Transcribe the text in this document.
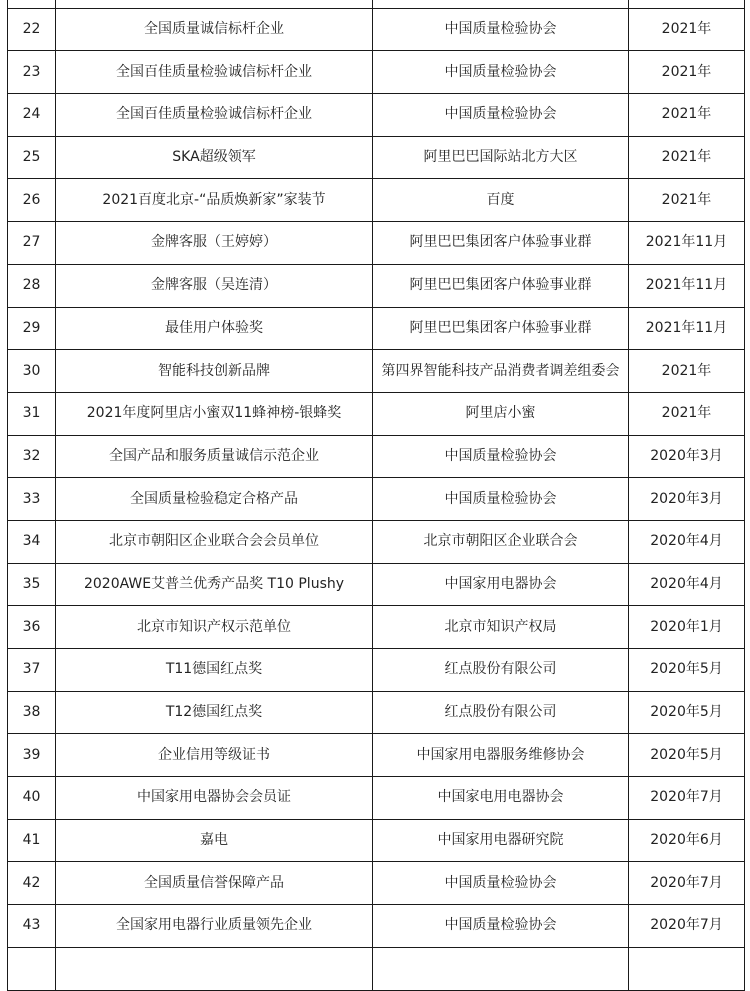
22	全国质量诚信标杆企业	中国质量检验协会	2021年
23	全国百佳质量检验诚信标杆企业	中国质量检验协会	2021年
24	全国百佳质量检验诚信标杆企业	中国质量检验协会	2021年
25	SKA超级领军	阿里巴巴国际站北方大区	2021年
26	2021百度北京-“品质焕新家”家装节	百度	2021年
27	金牌客服（王婷婷）	阿里巴巴集团客户体验事业群	2021年11月
28	金牌客服（吴连清）	阿里巴巴集团客户体验事业群	2021年11月
29	最佳用户体验奖	阿里巴巴集团客户体验事业群	2021年11月
30	智能科技创新品牌	第四界智能科技产品消费者调差组委会	2021年
31	2021年度阿里店小蜜双11蜂神榜-银蜂奖	阿里店小蜜	2021年
32	全国产品和服务质量诚信示范企业	中国质量检验协会	2020年3月
33	全国质量检验稳定合格产品	中国质量检验协会	2020年3月
34	北京市朝阳区企业联合会会员单位	北京市朝阳区企业联合会	2020年4月
35	2020AWE艾普兰优秀产品奖 T10 Plushy	中国家用电器协会	2020年4月
36	北京市知识产权示范单位	北京市知识产权局	2020年1月
37	T11德国红点奖	红点股份有限公司	2020年5月
38	T12德国红点奖	红点股份有限公司	2020年5月
39	企业信用等级证书	中国家用电器服务维修协会	2020年5月
40	中国家用电器协会会员证	中国家电用电器协会	2020年7月
41	嘉电	中国家用电器研究院	2020年6月
42	全国质量信誉保障产品	中国质量检验协会	2020年7月
43	全国家用电器行业质量领先企业	中国质量检验协会	2020年7月
